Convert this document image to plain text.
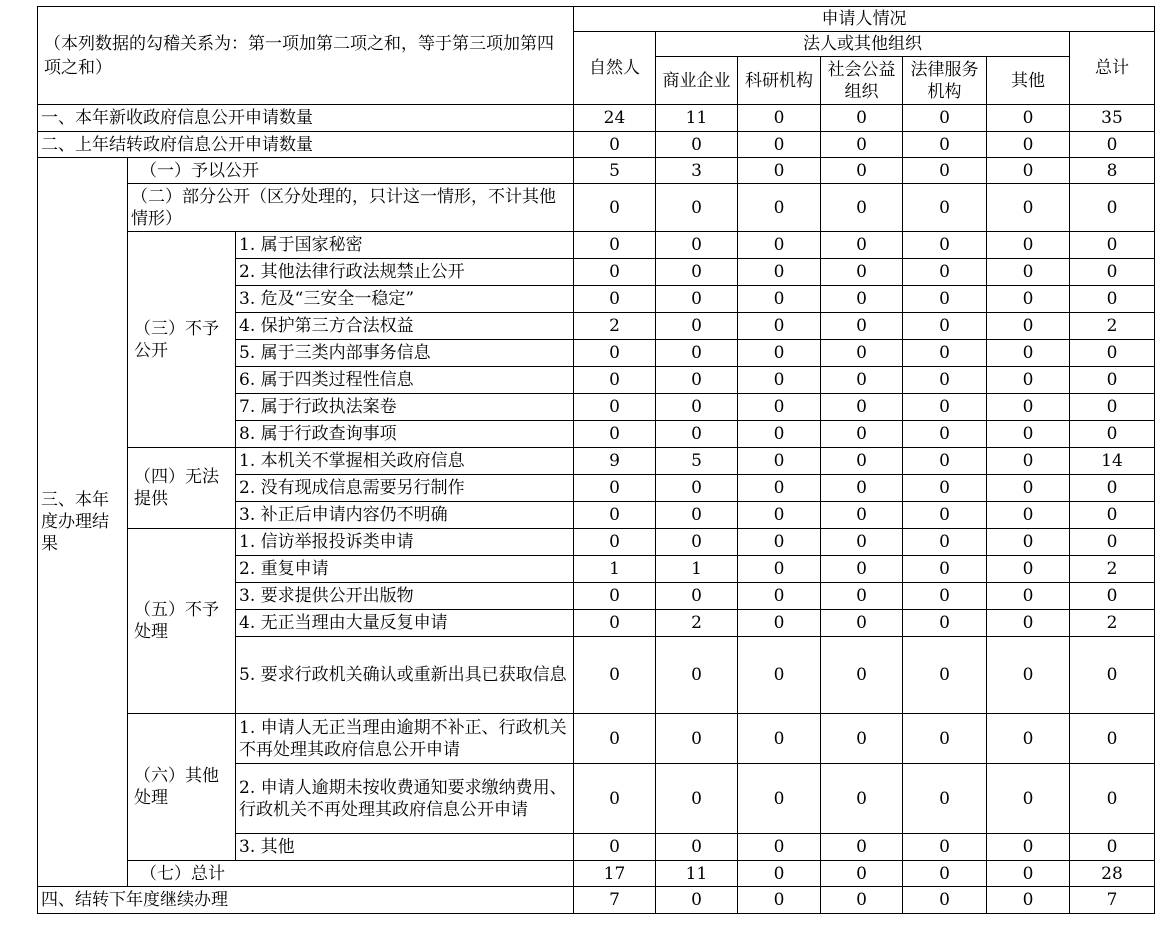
（本列数据的勾稽关系为：第一项加第二项之和，等于第三项加第四项之和）			申请人情况						
			自然人	法人或其他组织					总计
				商业企业	科研机构	社会公益组织	法律服务机构	其他	
一、本年新收政府信息公开申请数量			24	11	0	0	0	0	35
二、上年结转政府信息公开申请数量			0	0	0	0	0	0	0
三、本年度办理结果	（一）予以公开		5	3	0	0	0	0	8
	（二）部分公开（区分处理的，只计这一情形，不计其他情形）		0	0	0	0	0	0	0
	（三）不予公开	1. 属于国家秘密	0	0	0	0	0	0	0
		2. 其他法律行政法规禁止公开	0	0	0	0	0	0	0
		3. 危及“三安全一稳定”	0	0	0	0	0	0	0
		4. 保护第三方合法权益	2	0	0	0	0	0	2
		5. 属于三类内部事务信息	0	0	0	0	0	0	0
		6. 属于四类过程性信息	0	0	0	0	0	0	0
		7. 属于行政执法案卷	0	0	0	0	0	0	0
		8. 属于行政查询事项	0	0	0	0	0	0	0
	（四）无法提供	1. 本机关不掌握相关政府信息	9	5	0	0	0	0	14
		2. 没有现成信息需要另行制作	0	0	0	0	0	0	0
		3. 补正后申请内容仍不明确	0	0	0	0	0	0	0
	（五）不予处理	1. 信访举报投诉类申请	0	0	0	0	0	0	0
		2. 重复申请	1	1	0	0	0	0	2
		3. 要求提供公开出版物	0	0	0	0	0	0	0
		4. 无正当理由大量反复申请	0	2	0	0	0	0	2
		5. 要求行政机关确认或重新出具已获取信息	0	0	0	0	0	0	0
	（六）其他处理	1. 申请人无正当理由逾期不补正、行政机关不再处理其政府信息公开申请	0	0	0	0	0	0	0
		2. 申请人逾期未按收费通知要求缴纳费用、行政机关不再处理其政府信息公开申请	0	0	0	0	0	0	0
		3. 其他	0	0	0	0	0	0	0
	（七）总计		17	11	0	0	0	0	28
四、结转下年度继续办理			7	0	0	0	0	0	7
